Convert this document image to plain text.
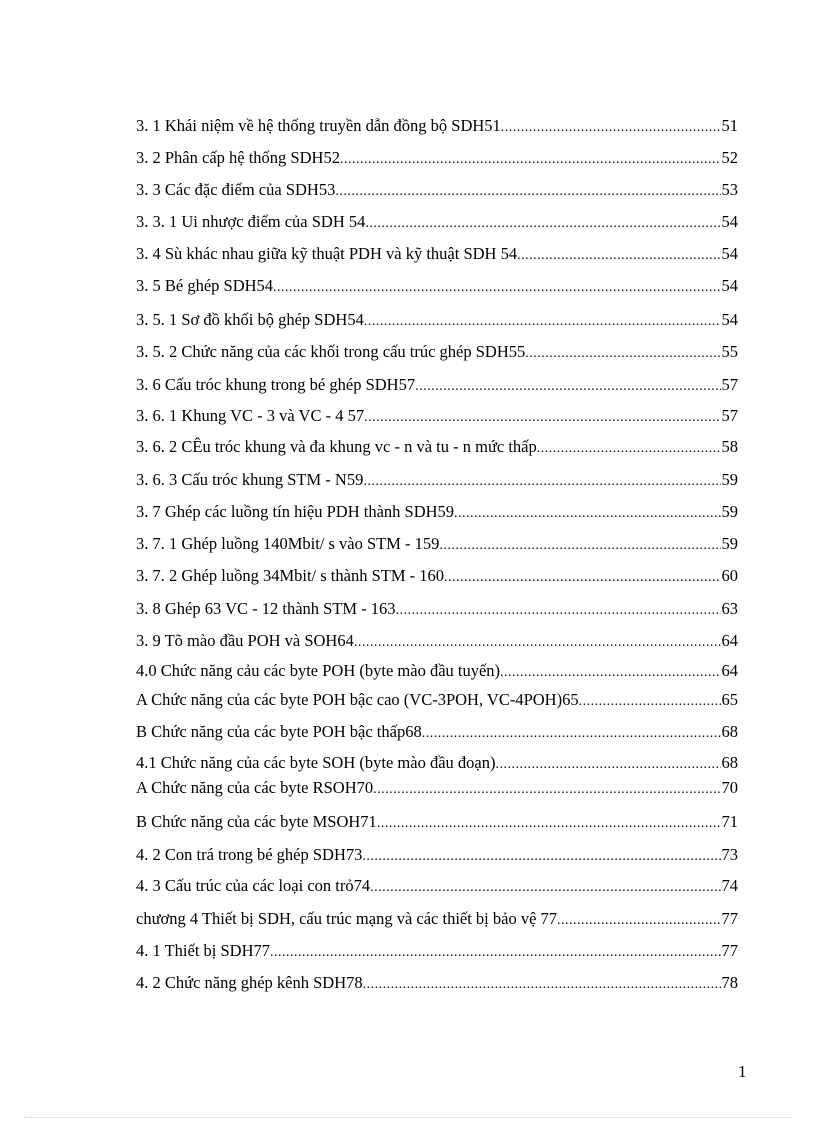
3. 1 Khái niệm về hệ thống truyền dẫn đồng bộ SDH51 .....	51
3. 2 Phân cấp hệ thống SDH52 .....	52
3. 3 Các đặc điểm của SDH53 .....	53
3. 3. 1 Ui nhược điểm của SDH 54 .....	54
3. 4 Sù khác nhau giữa kỹ thuật PDH và kỹ thuật SDH 54 .....	54
3. 5 Bé ghép SDH54 .....	54
3. 5. 1 Sơ đồ khối bộ ghép SDH54 .....	54
3. 5. 2 Chức năng của các khối trong cấu trúc ghép SDH55 .....	55
3. 6 Cấu tróc khung trong bé ghép SDH57 .....	57
3. 6. 1 Khung VC - 3 và VC - 4 57 .....	57
3. 6. 2 CÊu tróc khung và đa khung vc - n và tu - n mức thấp .....	58
3. 6. 3 Cấu tróc khung STM - N59 .....	59
3. 7 Ghép các luồng tín hiệu PDH thành SDH59 .....	59
3. 7. 1 Ghép luồng 140Mbit/ s vào STM - 159 .....	59
3. 7. 2 Ghép luồng 34Mbit/ s thành STM - 160 .....	60
3. 8 Ghép 63 VC - 12 thành STM - 163 .....	63
3. 9 Tõ mào đầu POH và SOH64 .....	64
4.0 Chức năng cảu các byte POH (byte mào đầu tuyến) .....	64
A Chức năng của các byte POH bậc cao (VC-3POH, VC-4POH)65 .....	65
B Chức năng của các byte POH bậc thấp68 .....	68
4.1 Chức năng của các byte SOH (byte mào đầu đoạn) .....	68
A Chức năng của các byte RSOH70 .....	70
B Chức năng của các byte MSOH71 .....	71
4. 2 Con trá trong bé ghép SDH73 .....	73
4. 3 Cấu trúc của các loại con trỏ74 .....	74
chương 4 Thiết bị SDH, cấu trúc mạng và các thiết bị bảo vệ 77 .....	77
4. 1 Thiết bị SDH77 .....	77
4. 2 Chức năng ghép kênh SDH78 .....	78
1
